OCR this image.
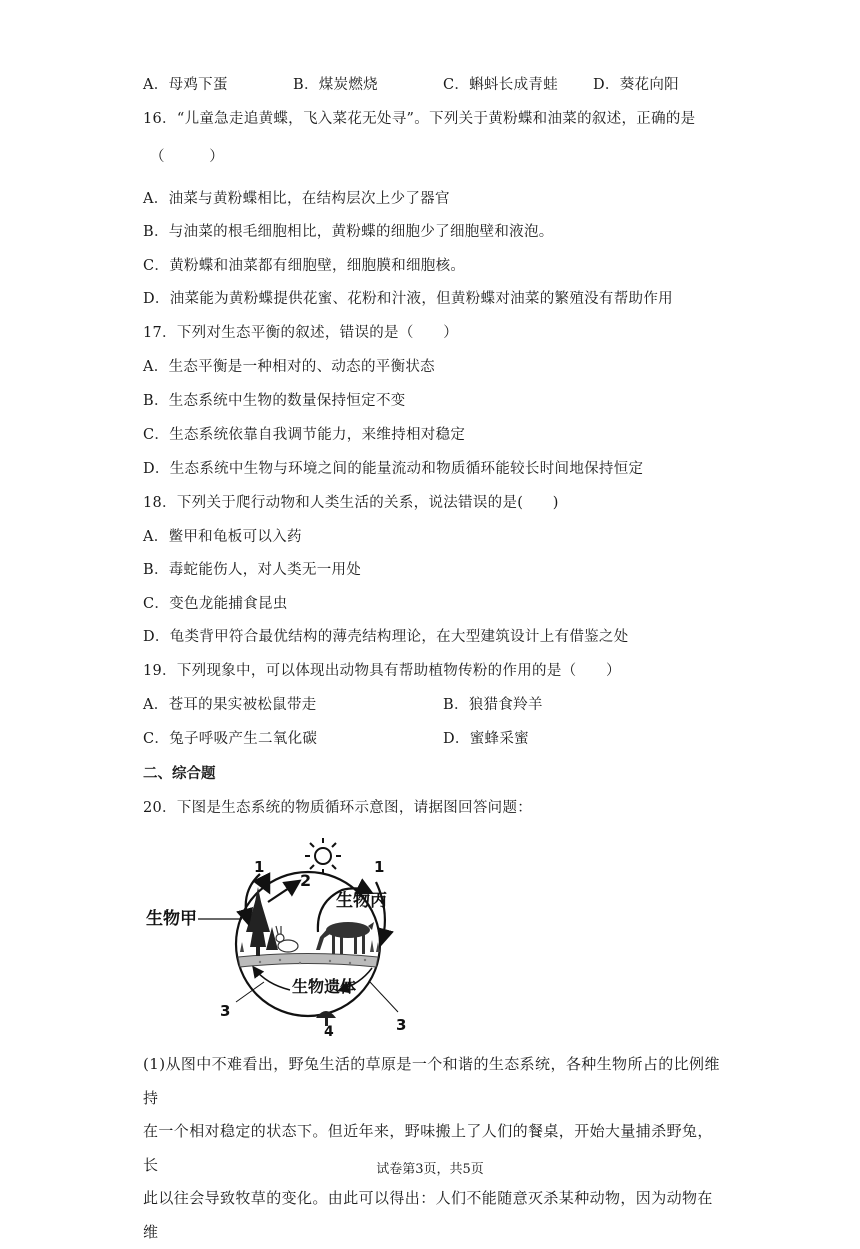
A．母鸡下蛋	B．煤炭燃烧	C．蝌蚪长成青蛙 D．葵花向阳
16．“儿童急走追黄蝶，飞入菜花无处寻”。下列关于黄粉蝶和油菜的叙述，正确的是
（　　　）
A．油菜与黄粉蝶相比，在结构层次上少了器官
B．与油菜的根毛细胞相比，黄粉蝶的细胞少了细胞壁和液泡。
C．黄粉蝶和油菜都有细胞壁，细胞膜和细胞核。
D．油菜能为黄粉蝶提供花蜜、花粉和汁液，但黄粉蝶对油菜的繁殖没有帮助作用
17．下列对生态平衡的叙述，错误的是（　　）
A．生态平衡是一种相对的、动态的平衡状态
B．生态系统中生物的数量保持恒定不变
C．生态系统依靠自我调节能力，来维持相对稳定
D．生态系统中生物与环境之间的能量流动和物质循环能较长时间地保持恒定
18．下列关于爬行动物和人类生活的关系，说法错误的是(　　)
A．鳖甲和龟板可以入药
B．毒蛇能伤人，对人类无一用处
C．变色龙能捕食昆虫
D．龟类背甲符合最优结构的薄壳结构理论，在大型建筑设计上有借鉴之处
19．下列现象中，可以体现出动物具有帮助植物传粉的作用的是（　　）
A．苍耳的果实被松鼠带走	B．狼猎食羚羊
C．兔子呼吸产生二氧化碳	D．蜜蜂采蜜
二、综合题
20．下图是生态系统的物质循环示意图，请据图回答问题：
生物甲
生物丙
生物遗体
1	1
2
3
3
4
(1)从图中不难看出，野兔生活的草原是一个和谐的生态系统，各种生物所占的比例维持
在一个相对稳定的状态下。但近年来，野味搬上了人们的餐桌，开始大量捕杀野兔，长
此以往会导致牧草的变化。由此可以得出：人们不能随意灭杀某种动物，因为动物在维
试卷第3页，共5页
